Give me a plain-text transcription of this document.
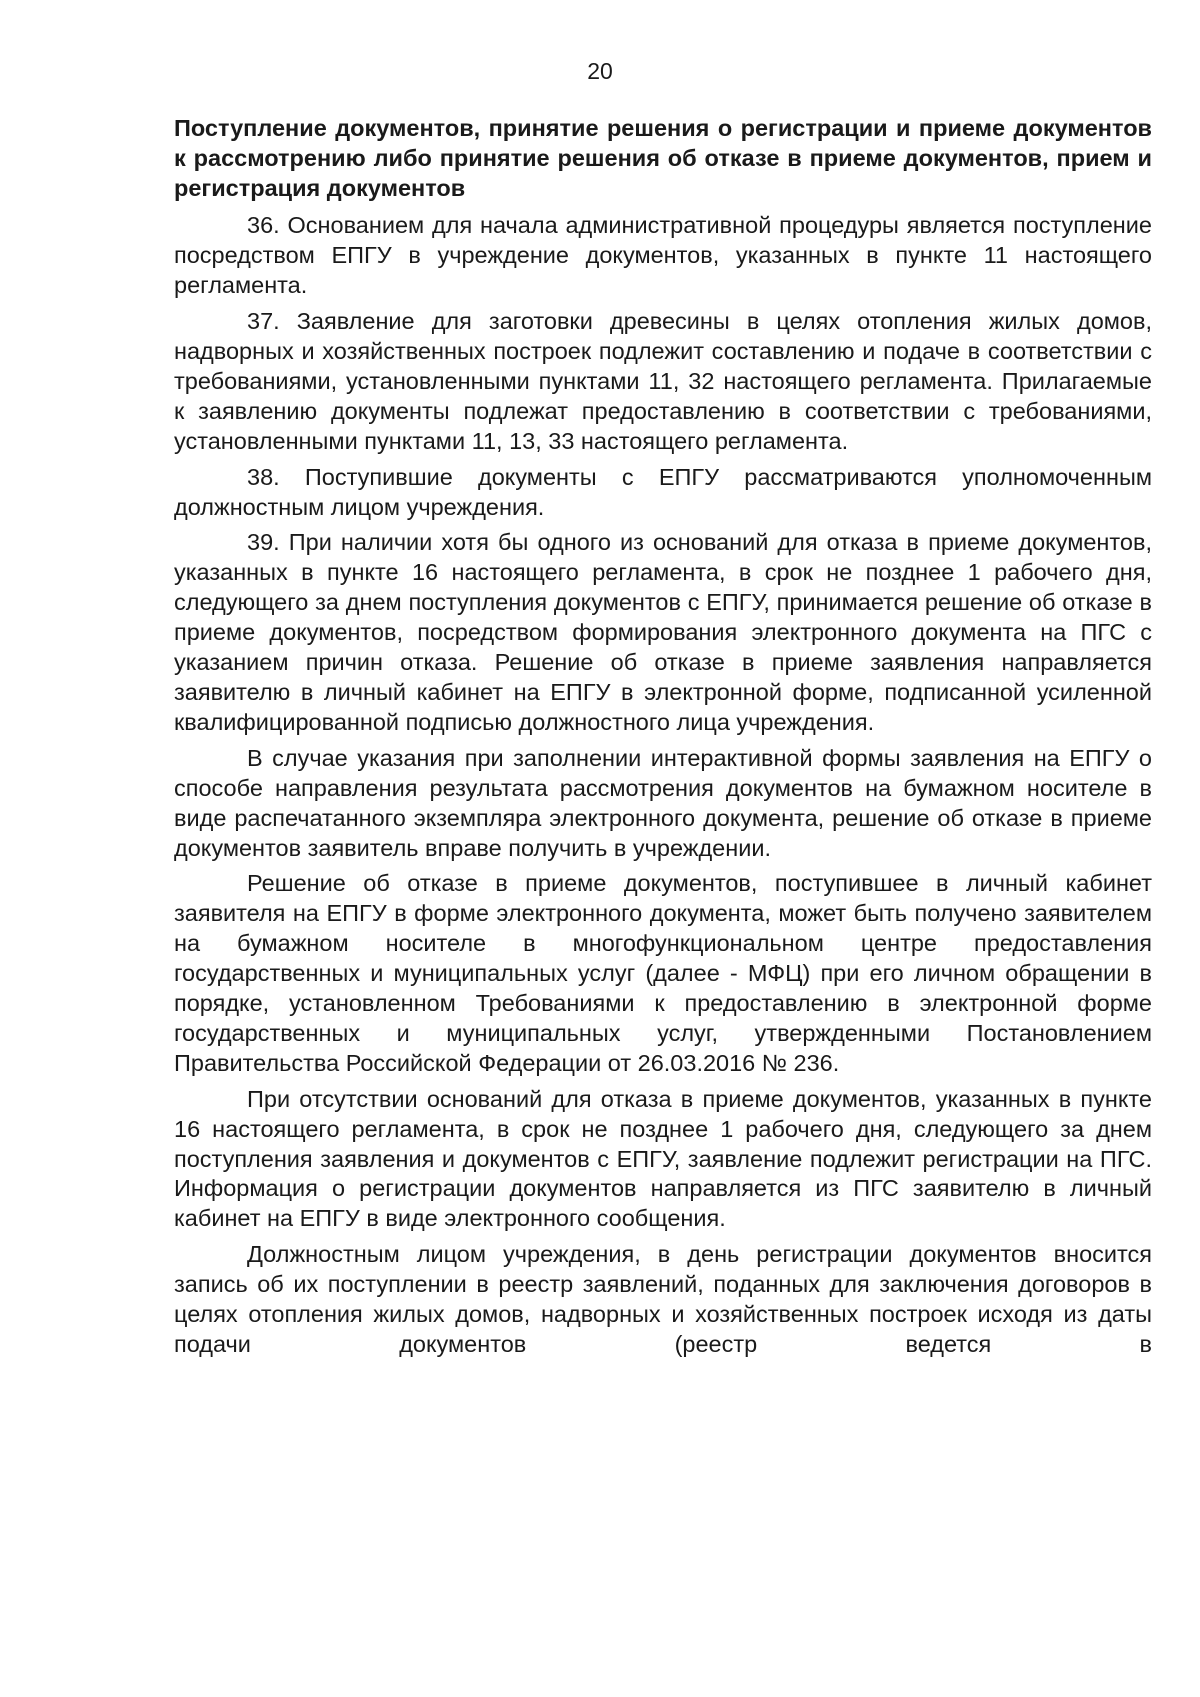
20

Поступление документов, принятие решения о регистрации и приеме документов к рассмотрению либо принятие решения об отказе в приеме документов, прием и регистрация документов

36. Основанием для начала административной процедуры является поступление посредством ЕПГУ в учреждение документов, указанных в пункте 11 настоящего регламента.

37. Заявление для заготовки древесины в целях отопления жилых домов, надворных и хозяйственных построек подлежит составлению и подаче в соответствии с требованиями, установленными пунктами 11, 32 настоящего регламента. Прилагаемые к заявлению документы подлежат предоставлению в соответствии с требованиями, установленными пунктами 11, 13, 33 настоящего регламента.

38. Поступившие документы с ЕПГУ рассматриваются уполномоченным должностным лицом учреждения.

39. При наличии хотя бы одного из оснований для отказа в приеме документов, указанных в пункте 16 настоящего регламента, в срок не позднее 1 рабочего дня, следующего за днем поступления документов с ЕПГУ, принимается решение об отказе в приеме документов, посредством формирования электронного документа на ПГС с указанием причин отказа. Решение об отказе в приеме заявления направляется заявителю в личный кабинет на ЕПГУ в электронной форме, подписанной усиленной квалифицированной подписью должностного лица учреждения.

В случае указания при заполнении интерактивной формы заявления на ЕПГУ о способе направления результата рассмотрения документов на бумажном носителе в виде распечатанного экземпляра электронного документа, решение об отказе в приеме документов заявитель вправе получить в учреждении.

Решение об отказе в приеме документов, поступившее в личный кабинет заявителя на ЕПГУ в форме электронного документа, может быть получено заявителем на бумажном носителе в многофункциональном центре предоставления государственных и муниципальных услуг (далее - МФЦ) при его личном обращении в порядке, установленном Требованиями к предоставлению в электронной форме государственных и муниципальных услуг, утвержденными Постановлением Правительства Российской Федерации от 26.03.2016 № 236.

При отсутствии оснований для отказа в приеме документов, указанных в пункте 16 настоящего регламента, в срок не позднее 1 рабочего дня, следующего за днем поступления заявления и документов с ЕПГУ, заявление подлежит регистрации на ПГС. Информация о регистрации документов направляется из ПГС заявителю в личный кабинет на ЕПГУ в виде электронного сообщения.

Должностным лицом учреждения, в день регистрации документов вносится запись об их поступлении в реестр заявлений, поданных для заключения договоров в целях отопления жилых домов, надворных и хозяйственных построек исходя из даты подачи документов (реестр ведется в
